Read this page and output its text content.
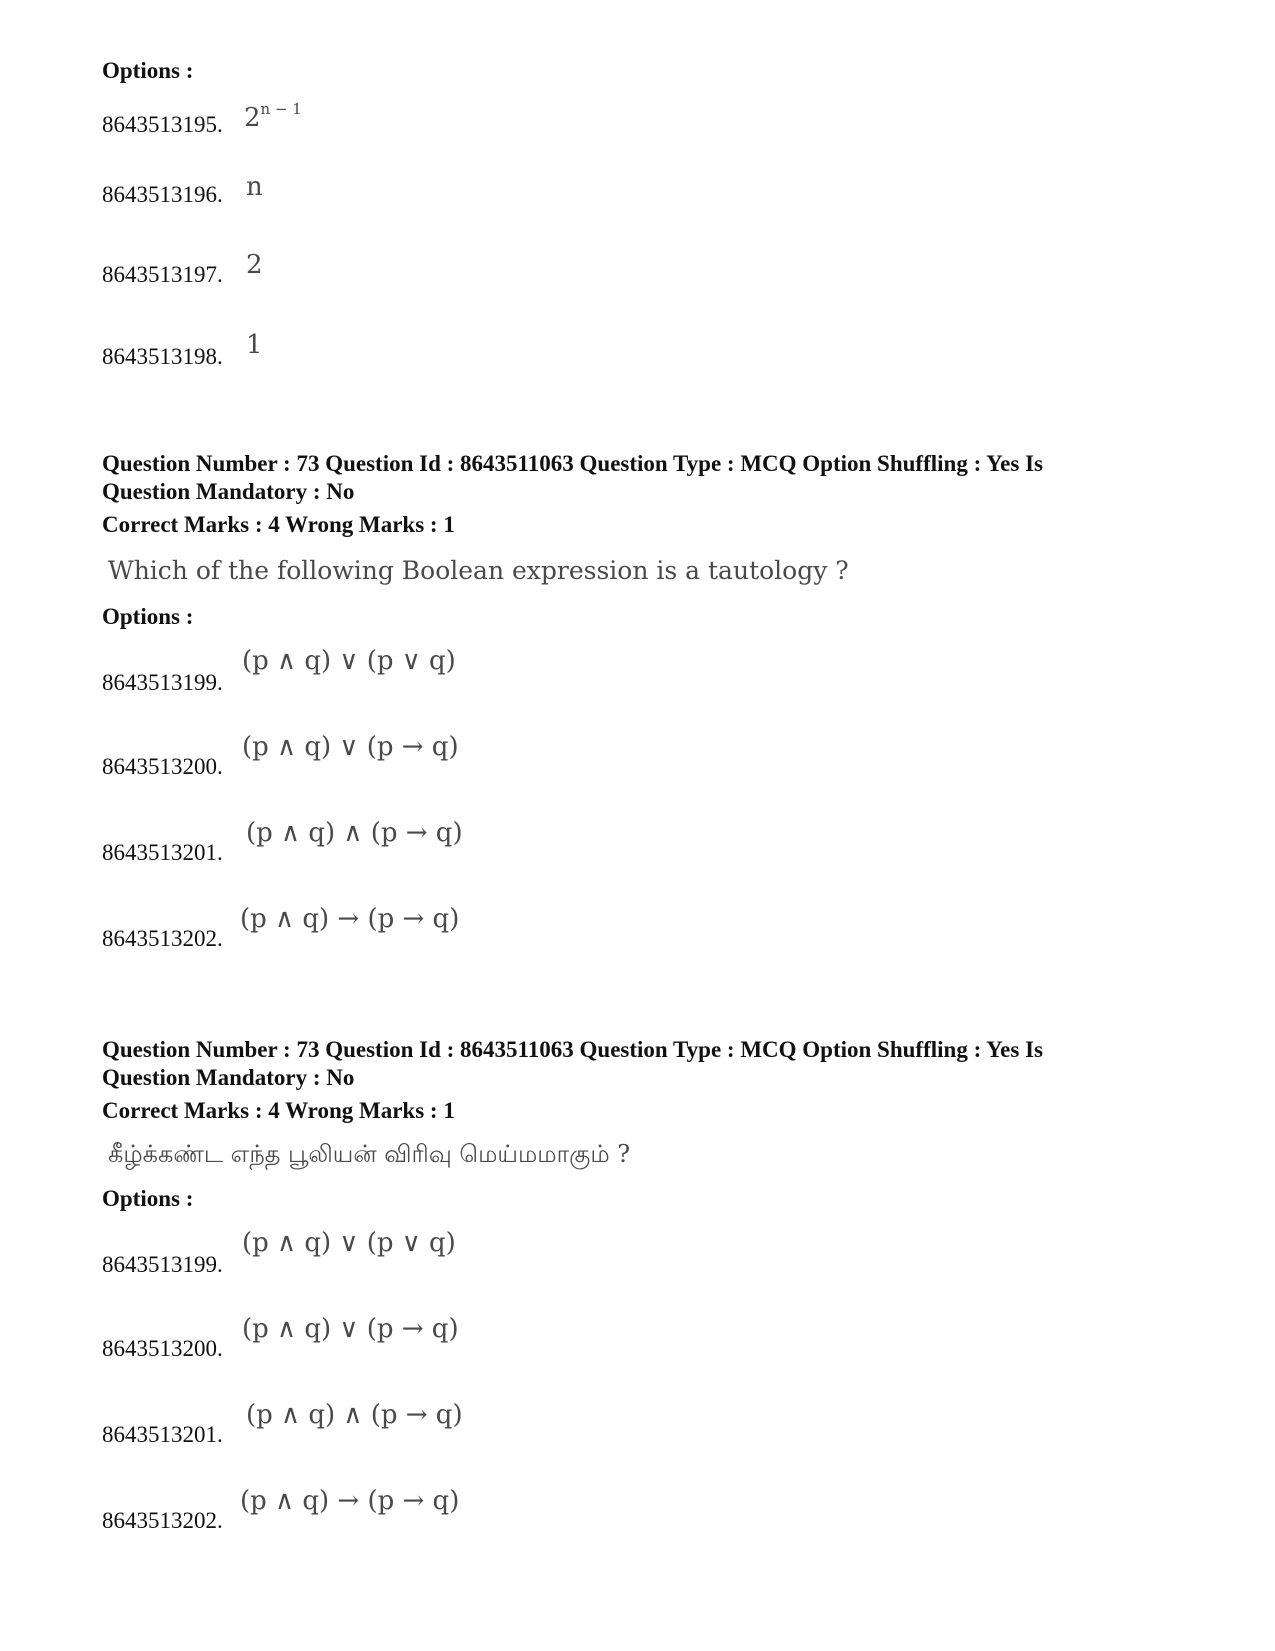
Options :
8643513195. $2^{n - 1}$
8643513196. n
8643513197. 2
8643513198. 1
Question Number : 73 Question Id : 8643511063 Question Type : MCQ Option Shuffling : Yes Is
Question Mandatory : No
Correct Marks : 4 Wrong Marks : 1
Which of the following Boolean expression is a tautology ?
Options :
8643513199.
(p ∧ q) ∨ (p ∨ q)
8643513200.
(p ∧ q) ∨ (p → q)
8643513201.
(p ∧ q) ∧ (p → q)
8643513202.
(p ∧ q) → (p → q)
Question Number : 73 Question Id : 8643511063 Question Type : MCQ Option Shuffling : Yes Is
Question Mandatory : No
Correct Marks : 4 Wrong Marks : 1
கீழ்க்கண்ட எந்த பூலியன் விரிவு மெய்மமாகும் ?
Options :
8643513199.
(p ∧ q) ∨ (p ∨ q)
8643513200.
(p ∧ q) ∨ (p → q)
8643513201.
(p ∧ q) ∧ (p → q)
8643513202.
(p ∧ q) → (p → q)
